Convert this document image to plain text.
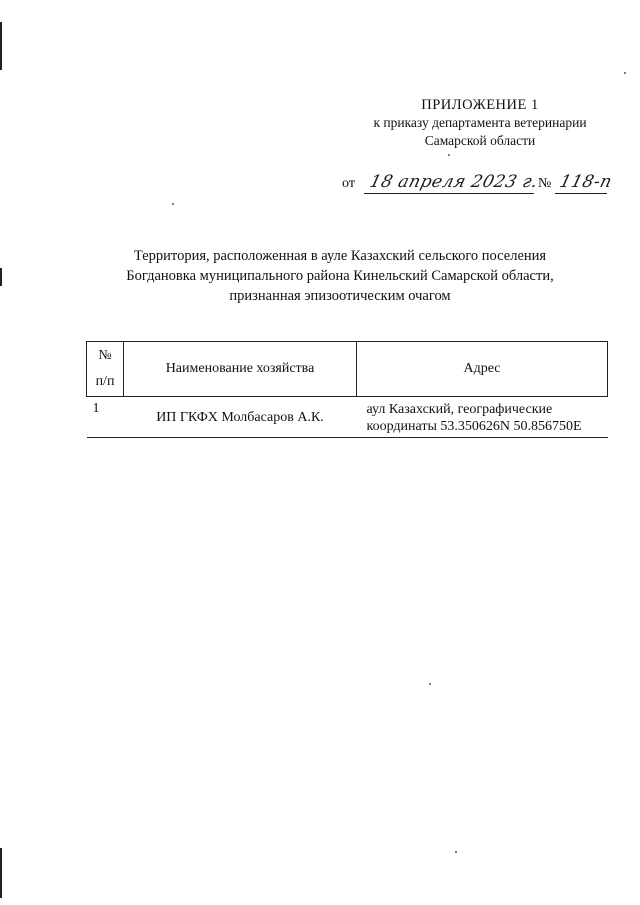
ПРИЛОЖЕНИЕ 1
к приказу департамента ветеринарии
Самарской области
от 18 апреля 2023 г.
№ 118-п
Территория, расположенная в ауле Казахский сельского поселения
Богдановка муниципального района Кинельский Самарской области,
признанная эпизоотическим очагом
№
п/п	Наименование хозяйства	Адрес
1	ИП ГКФХ Молбасаров А.К.	аул Казахский, географические
координаты 53.350626N 50.856750E
